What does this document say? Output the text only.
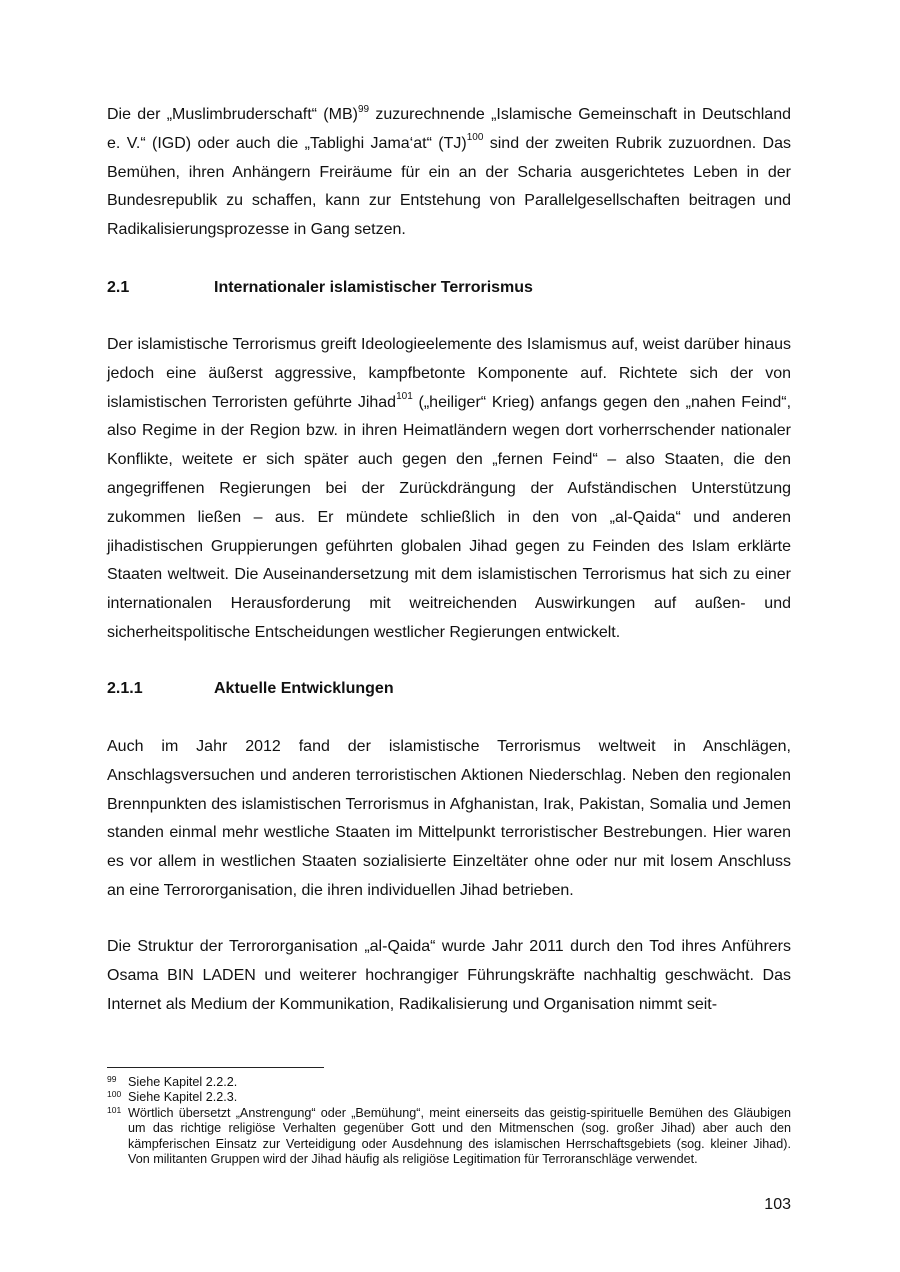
Die der „Muslimbruderschaft“ (MB)$^{99}$ zuzurechnende „Islamische Gemeinschaft in Deutschland e. V.“ (IGD) oder auch die „Tablighi Jama‘at“ (TJ)$^{100}$ sind der zweiten Rubrik zuzuordnen. Das Bemühen, ihren Anhängern Freiräume für ein an der Scharia ausgerichtetes Leben in der Bundesrepublik zu schaffen, kann zur Entstehung von Parallelgesellschaften beitragen und Radikalisierungsprozesse in Gang setzen.

2.1	Internationaler islamistischer Terrorismus

Der islamistische Terrorismus greift Ideologieelemente des Islamismus auf, weist darüber hinaus jedoch eine äußerst aggressive, kampfbetonte Komponente auf. Richtete sich der von islamistischen Terroristen geführte Jihad$^{101}$ („heiliger“ Krieg) anfangs gegen den „nahen Feind“, also Regime in der Region bzw. in ihren Heimatländern wegen dort vorherrschender nationaler Konflikte, weitete er sich später auch gegen den „fernen Feind“ – also Staaten, die den angegriffenen Regierungen bei der Zurückdrängung der Aufständischen Unterstützung zukommen ließen – aus. Er mündete schließlich in den von „al-Qaida“ und anderen jihadistischen Gruppierungen geführten globalen Jihad gegen zu Feinden des Islam erklärte Staaten weltweit. Die Auseinandersetzung mit dem islamistischen Terrorismus hat sich zu einer internationalen Herausforderung mit weitreichenden Auswirkungen auf außen- und sicherheitspolitische Entscheidungen westlicher Regierungen entwickelt.

2.1.1	Aktuelle Entwicklungen

Auch im Jahr 2012 fand der islamistische Terrorismus weltweit in Anschlägen, Anschlagsversuchen und anderen terroristischen Aktionen Niederschlag. Neben den regionalen Brennpunkten des islamistischen Terrorismus in Afghanistan, Irak, Pakistan, Somalia und Jemen standen einmal mehr westliche Staaten im Mittelpunkt terroristischer Bestrebungen. Hier waren es vor allem in westlichen Staaten sozialisierte Einzeltäter ohne oder nur mit losem Anschluss an eine Terrororganisation, die ihren individuellen Jihad betrieben.

Die Struktur der Terrororganisation „al-Qaida“ wurde Jahr 2011 durch den Tod ihres Anführers Osama BIN LADEN und weiterer hochrangiger Führungskräfte nachhaltig geschwächt. Das Internet als Medium der Kommunikation, Radikalisierung und Organisation nimmt seit-

99 Siehe Kapitel 2.2.2.

100 Siehe Kapitel 2.2.3.

101 Wörtlich übersetzt „Anstrengung“ oder „Bemühung“, meint einerseits das geistig-spirituelle Bemühen des Gläubigen um das richtige religiöse Verhalten gegenüber Gott und den Mitmenschen (sog. großer Jihad) aber auch den kämpferischen Einsatz zur Verteidigung oder Ausdehnung des islamischen Herrschaftsgebiets (sog. kleiner Jihad). Von militanten Gruppen wird der Jihad häufig als religiöse Legitimation für Terroranschläge verwendet.

103
